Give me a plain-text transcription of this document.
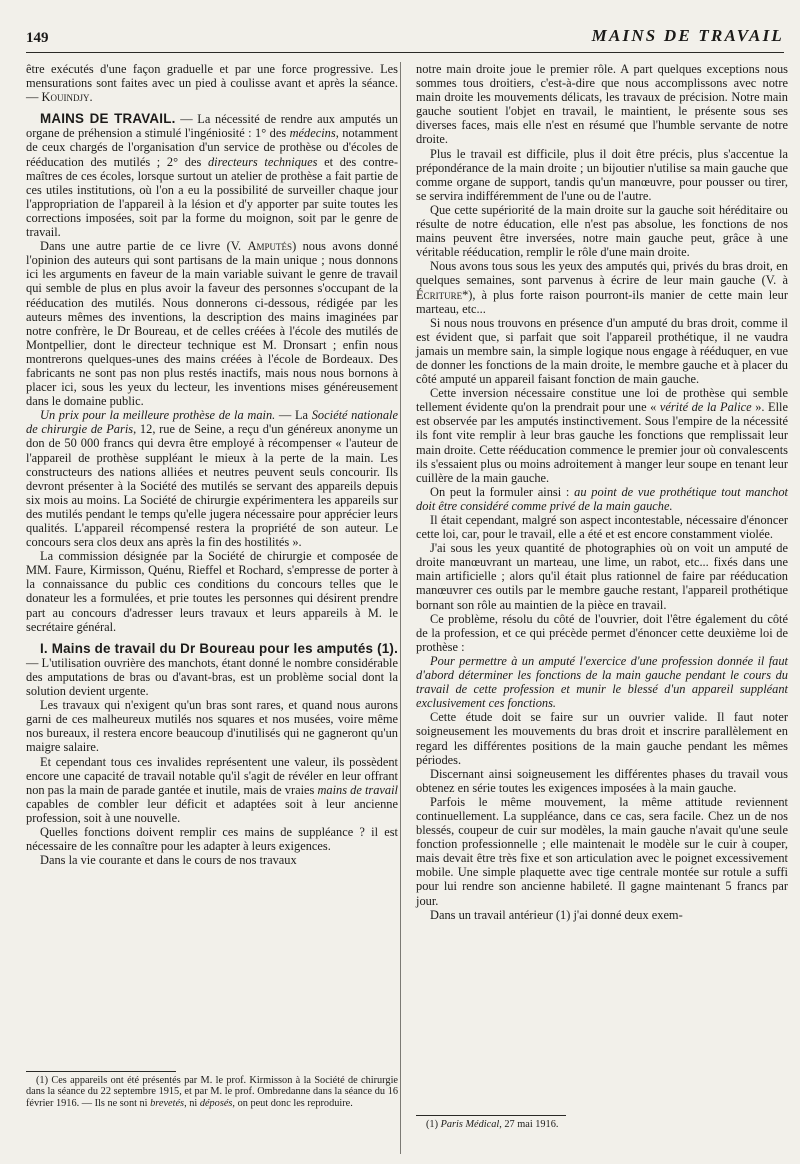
149	MAINS DE TRAVAIL

être exécutés d'une façon graduelle et par une force progressive. Les mensurations sont faites avec un pied à coulisse avant et après la séance. — Kouindjy.

MAINS DE TRAVAIL. — La nécessité de rendre aux amputés un organe de préhension a stimulé l'ingéniosité : 1° des médecins, notamment de ceux chargés de l'organisation d'un service de prothèse ou d'écoles de rééducation des mutilés ; 2° des directeurs techniques et des contre-maîtres de ces écoles, lorsque surtout un atelier de prothèse a fait partie de ces utiles institutions, où l'on a eu la possibilité de surveiller chaque jour l'appropriation de l'appareil à la lésion et d'y apporter par suite toutes les corrections imposées, soit par la forme du moignon, soit par le genre de travail.

Dans une autre partie de ce livre (V. Amputés) nous avons donné l'opinion des auteurs qui sont partisans de la main unique ; nous donnons ici les arguments en faveur de la main variable suivant le genre de travail qui semble de plus en plus avoir la faveur des personnes s'occupant de la rééducation des mutilés. Nous donnerons ci-dessous, rédigée par les auteurs mêmes des inventions, la description des mains imaginées par notre confrère, le Dr Boureau, et de celles créées à l'école des mutilés de Montpellier, dont le directeur technique est M. Dronsart ; enfin nous montrerons quelques-unes des mains créées à l'école de Bordeaux. Des fabricants ne sont pas non plus restés inactifs, mais nous nous bornons à placer ici, sous les yeux du lecteur, les inventions mises généreusement dans le domaine public.

Un prix pour la meilleure prothèse de la main. — La Société nationale de chirurgie de Paris, 12, rue de Seine, a reçu d'un généreux anonyme un don de 50 000 francs qui devra être employé à récompenser « l'auteur de l'appareil de prothèse suppléant le mieux à la perte de la main. Les constructeurs des nations alliées et neutres peuvent seuls concourir. Ils devront présenter à la Société des mutilés se servant des appareils depuis six mois au moins. La Société de chirurgie expérimentera les appareils sur des mutilés pendant le temps qu'elle jugera nécessaire pour apprécier leurs qualités. L'appareil récompensé restera la propriété de son auteur. Le concours sera clos deux ans après la fin des hostilités ».

La commission désignée par la Société de chirurgie et composée de MM. Faure, Kirmisson, Quénu, Rieffel et Rochard, s'empresse de porter à la connaissance du public ces conditions du concours telles que le donateur les a formulées, et prie toutes les personnes qui désirent prendre part au concours d'adresser leurs travaux et leurs appareils à M. le secrétaire général.

I. Mains de travail du Dr Boureau pour les amputés (1). — L'utilisation ouvrière des manchots, étant donné le nombre considérable des amputations de bras ou d'avant-bras, est un problème social dont la solution devient urgente.

Les travaux qui n'exigent qu'un bras sont rares, et quand nous aurons garni de ces malheureux mutilés nos squares et nos musées, voire même nos bureaux, il restera encore beaucoup d'inutilisés qui ne gagneront qu'un maigre salaire.

Et cependant tous ces invalides représentent une valeur, ils possèdent encore une capacité de travail notable qu'il s'agit de révéler en leur offrant non pas la main de parade gantée et inutile, mais de vraies mains de travail capables de combler leur déficit et adaptées soit à leur ancienne profession, soit à une nouvelle.

Quelles fonctions doivent remplir ces mains de suppléance ? il est nécessaire de les connaître pour les adapter à leurs exigences.

Dans la vie courante et dans le cours de nos travaux

(1) Ces appareils ont été présentés par M. le prof. Kirmisson à la Société de chirurgie dans la séance du 22 septembre 1915, et par M. le prof. Ombredanne dans la séance du 16 février 1916. — Ils ne sont ni brevetés, ni déposés, on peut donc les reproduire.

notre main droite joue le premier rôle. A part quelques exceptions nous sommes tous droitiers, c'est-à-dire que nous accomplissons avec notre main droite les mouvements délicats, les travaux de précision. Notre main gauche soutient l'objet en travail, le maintient, le présente sous ses diverses faces, mais elle n'est en résumé que l'humble servante de notre droite.

Plus le travail est difficile, plus il doit être précis, plus s'accentue la prépondérance de la main droite ; un bijoutier n'utilise sa main gauche que comme organe de support, tandis qu'un manœuvre, pour pousser ou tirer, se servira indifféremment de l'une ou de l'autre.

Que cette supériorité de la main droite sur la gauche soit héréditaire ou résulte de notre éducation, elle n'est pas absolue, les fonctions de nos mains peuvent être inversées, notre main gauche peut, grâce à une véritable rééducation, remplir le rôle d'une main droite.

Nous avons tous sous les yeux des amputés qui, privés du bras droit, en quelques semaines, sont parvenus à écrire de leur main gauche (V. à Écriture*), à plus forte raison pourront-ils manier de cette main leur marteau, etc...

Si nous nous trouvons en présence d'un amputé du bras droit, comme il est évident que, si parfait que soit l'appareil prothétique, il ne vaudra jamais un membre sain, la simple logique nous engage à rééduquer, en vue de donner les fonctions de la main droite, le membre gauche et à placer du côté amputé un appareil faisant fonction de main gauche.

Cette inversion nécessaire constitue une loi de prothèse qui semble tellement évidente qu'on la prendrait pour une « vérité de la Palice ». Elle est observée par les amputés instinctivement. Sous l'empire de la nécessité ils font vite remplir à leur bras gauche les fonctions que remplissait leur main droite. Cette rééducation commence le premier jour où convalescents ils s'essaient plus ou moins adroitement à manger leur soupe en tenant leur cuillère de la main gauche.

On peut la formuler ainsi : au point de vue prothétique tout manchot doit être considéré comme privé de la main gauche.

Il était cependant, malgré son aspect incontestable, nécessaire d'énoncer cette loi, car, pour le travail, elle a été et est encore constamment violée.

J'ai sous les yeux quantité de photographies où on voit un amputé de droite manœuvrant un marteau, une lime, un rabot, etc... fixés dans une main artificielle ; alors qu'il était plus rationnel de faire par rééducation manœuvrer ces outils par le membre gauche restant, l'appareil prothétique bornant son rôle au maintien de la pièce en travail.

Ce problème, résolu du côté de l'ouvrier, doit l'être également du côté de la profession, et ce qui précède permet d'énoncer cette deuxième loi de prothèse :

Pour permettre à un amputé l'exercice d'une profession donnée il faut d'abord déterminer les fonctions de la main gauche pendant le cours du travail de cette profession et munir le blessé d'un appareil suppléant exclusivement ces fonctions.

Cette étude doit se faire sur un ouvrier valide. Il faut noter soigneusement les mouvements du bras droit et inscrire parallèlement en regard les différentes positions de la main gauche pendant les mêmes périodes.

Discernant ainsi soigneusement les différentes phases du travail vous obtenez en série toutes les exigences imposées à la main gauche.

Parfois le même mouvement, la même attitude reviennent continuellement. La suppléance, dans ce cas, sera facile. Chez un de nos blessés, coupeur de cuir sur modèles, la main gauche n'avait qu'une seule fonction professionnelle ; elle maintenait le modèle sur le cuir à couper, mais devait être très fixe et son articulation avec le poignet excessivement mobile. Une simple plaquette avec tige centrale montée sur rotule a suffi pour lui rendre son ancienne habileté. Il gagne maintenant 5 francs par jour.

Dans un travail antérieur (1) j'ai donné deux exem-

(1) Paris Médical, 27 mai 1916.
